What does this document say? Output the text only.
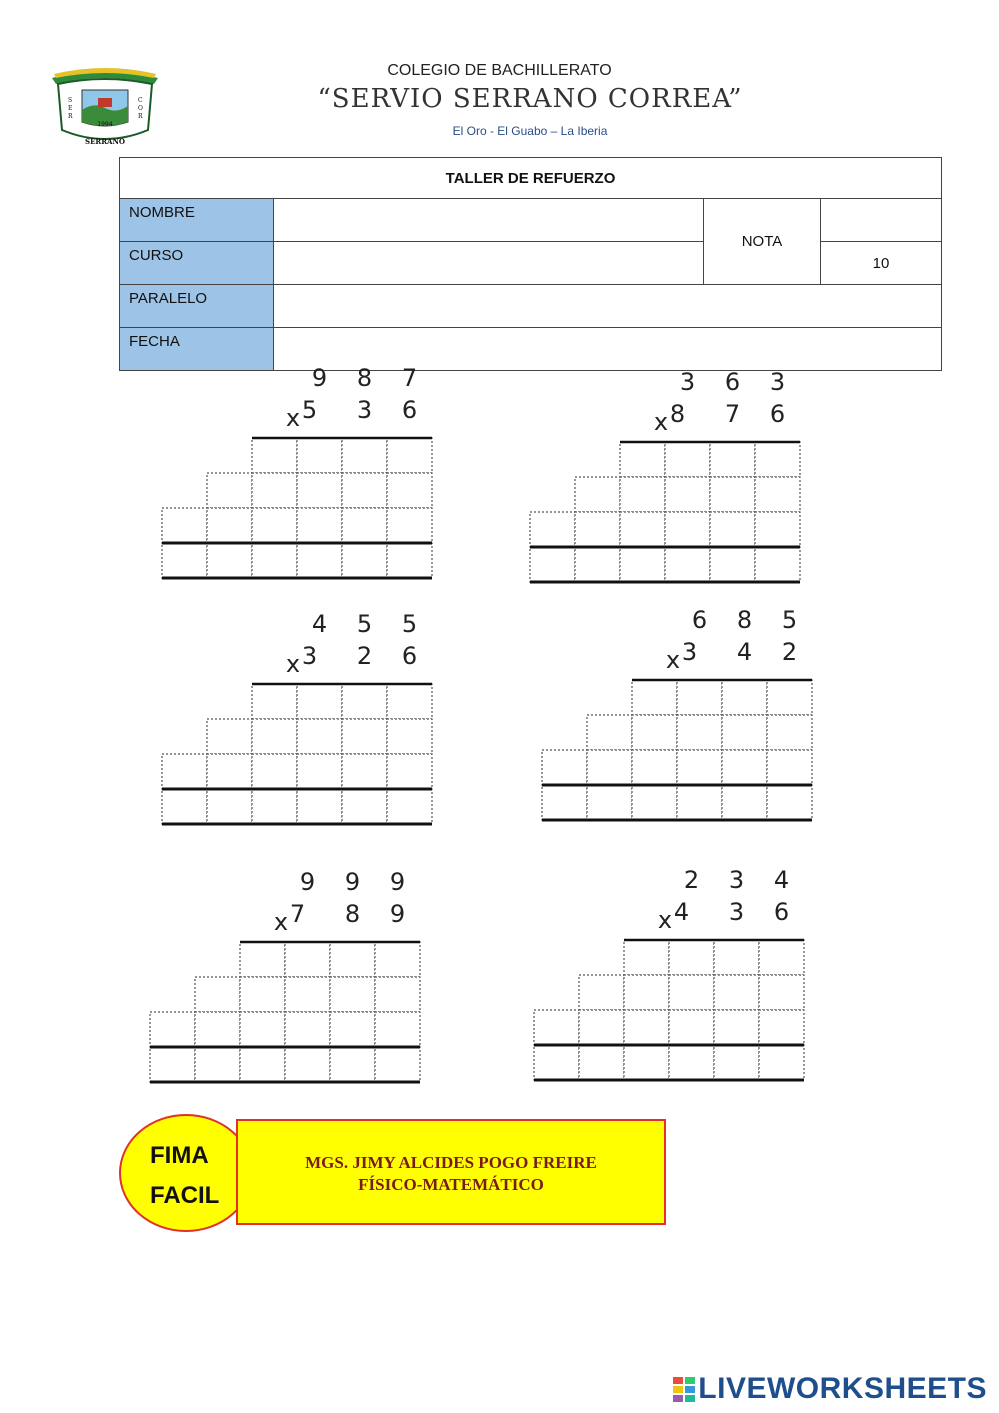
1994
SERRANO
S
E
R
C
O
R
COLEGIO DE BACHILLERATO
“SERVIO SERRANO CORREA”
El Oro - El Guabo – La Iberia
TALLER DE REFUERZO			
NOMBRE		NOTA	
CURSO			10
PARALELO			
FECHA			
9 8 7
x 5 3 6
3 6 3
x 8 7 6
4 5 5
x 3 2 6
6 8 5
x 3 4 2
9 9 9
x 7 8 9
2 3 4
x 4 3 6
MGS. JIMY ALCIDES POGO FREIRE
FÍSICO-MATEMÁTICO
FIMA
FACIL
LIVEWORKSHEETS
